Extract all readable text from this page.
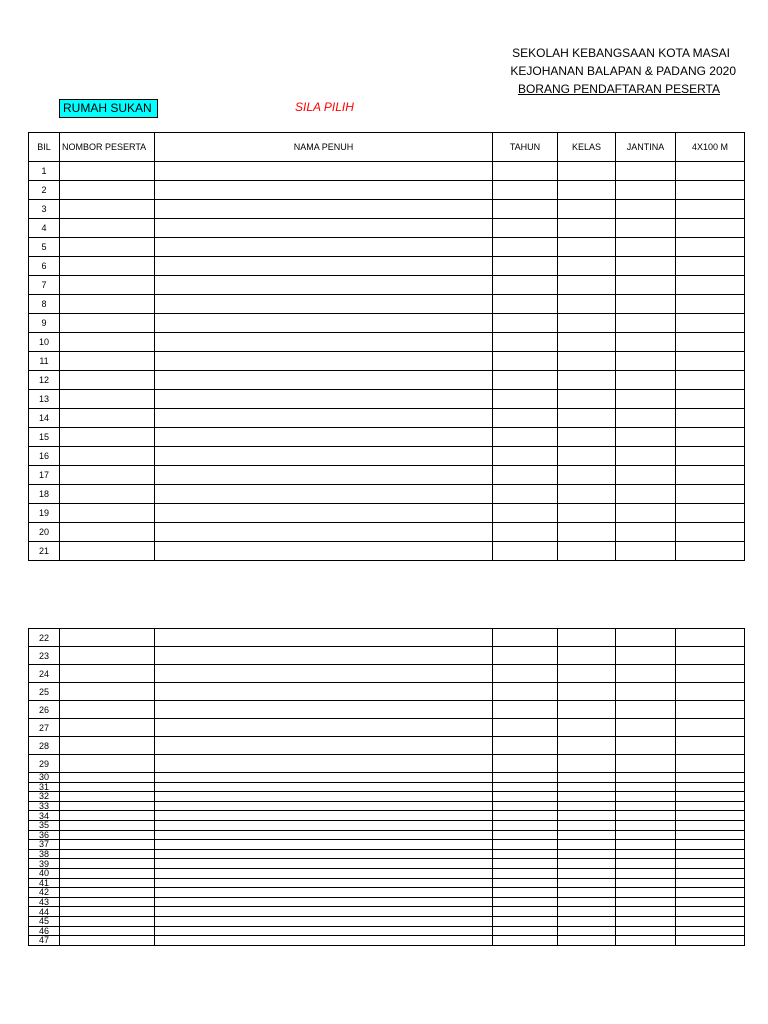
SEKOLAH KEBANGSAAN KOTA MASAI
KEJOHANAN BALAPAN & PADANG 2020
BORANG PENDAFTARAN PESERTA
RUMAH SUKAN	SILA PILIH
BIL	NOMBOR PESERTA	NAMA PENUH	TAHUN	KELAS	JANTINA	4X100 M
1						
2						
3						
4						
5						
6						
7						
8						
9						
10						
11						
12						
13						
14						
15						
16						
17						
18						
19						
20						
21						
22						
23						
24						
25						
26						
27						
28						
29						
30						
31						
32						
33						
34						
35						
36						
37						
38						
39						
40						
41						
42						
43						
44						
45						
46						
47						
